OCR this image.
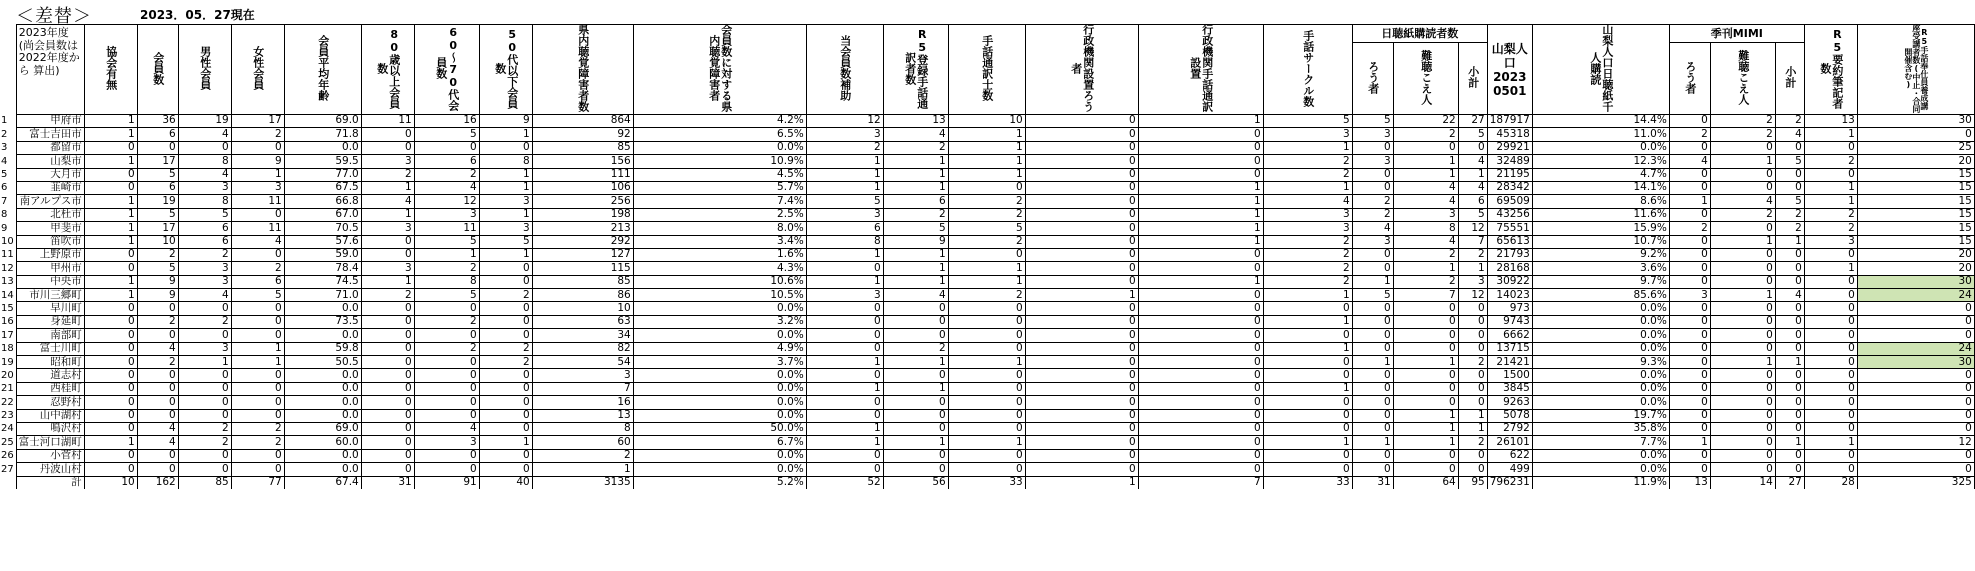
＜差替＞	2023．05．27現在
	2023年度 (尚会員数は 2022年度から 算出)	協会有無	会員数	男性会員	女性会員	会員平均年齢	80歳以上会員数	60～70代会員数	50代以下会員数	県内聴覚障害者数	会員数に対する県内聴覚障害者	当会員数補助	R5登録手話通訳者数	手話通訳士数	行政機関設置ろう者	行政機関手話通訳設置	手話サークル数	日聴紙購読者数			山梨人口 2023 0501	山梨人口日聴紙千人購読	季刊MIMI			R5要約筆記者数	R5手話奉仕員養成講座受講者数(中止・合同開催含む)
																		ろう者	難聴こえ人	小計			ろう者	難聴こえ人	小計		
1	甲府市	1	36	19	17	69.0	11	16	9	864	4.2%	12	13	10	0	1	5	5	22	27	187917	14.4%	0	2	2	13	30
2	富士吉田市	1	6	4	2	71.8	0	5	1	92	6.5%	3	4	1	0	0	3	3	2	5	45318	11.0%	2	2	4	1	0
3	都留市	0	0	0	0	0.0	0	0	0	85	0.0%	2	2	1	0	0	1	0	0	0	29921	0.0%	0	0	0	0	25
4	山梨市	1	17	8	9	59.5	3	6	8	156	10.9%	1	1	1	0	0	2	3	1	4	32489	12.3%	4	1	5	2	20
5	大月市	0	5	4	1	77.0	2	2	1	111	4.5%	1	1	1	0	0	2	0	1	1	21195	4.7%	0	0	0	0	15
6	韮崎市	0	6	3	3	67.5	1	4	1	106	5.7%	1	1	0	0	1	1	0	4	4	28342	14.1%	0	0	0	1	15
7	南アルプス市	1	19	8	11	66.8	4	12	3	256	7.4%	5	6	2	0	1	4	2	4	6	69509	8.6%	1	4	5	1	15
8	北杜市	1	5	5	0	67.0	1	3	1	198	2.5%	3	2	2	0	1	3	2	3	5	43256	11.6%	0	2	2	2	15
9	甲斐市	1	17	6	11	70.5	3	11	3	213	8.0%	6	5	5	0	1	3	4	8	12	75551	15.9%	2	0	2	2	15
10	笛吹市	1	10	6	4	57.6	0	5	5	292	3.4%	8	9	2	0	1	2	3	4	7	65613	10.7%	0	1	1	3	15
11	上野原市	0	2	2	0	59.0	0	1	1	127	1.6%	1	1	0	0	0	2	0	2	2	21793	9.2%	0	0	0	0	20
12	甲州市	0	5	3	2	78.4	3	2	0	115	4.3%	0	1	1	0	0	2	0	1	1	28168	3.6%	0	0	0	1	20
13	中央市	1	9	3	6	74.5	1	8	0	85	10.6%	1	1	1	0	1	2	1	2	3	30922	9.7%	0	0	0	0	30
14	市川三郷町	1	9	4	5	71.0	2	5	2	86	10.5%	3	4	2	1	0	1	5	7	12	14023	85.6%	3	1	4	0	24
15	早川町	0	0	0	0	0.0	0	0	0	10	0.0%	0	0	0	0	0	0	0	0	0	973	0.0%	0	0	0	0	0
16	身延町	0	2	2	0	73.5	0	2	0	63	3.2%	0	0	0	0	0	1	0	0	0	9743	0.0%	0	0	0	0	0
17	南部町	0	0	0	0	0.0	0	0	0	34	0.0%	0	0	0	0	0	0	0	0	0	6662	0.0%	0	0	0	0	0
18	富士川町	0	4	3	1	59.8	0	2	2	82	4.9%	0	2	0	0	0	1	0	0	0	13715	0.0%	0	0	0	0	24
19	昭和町	0	2	1	1	50.5	0	0	2	54	3.7%	1	1	1	0	0	0	1	1	2	21421	9.3%	0	1	1	0	30
20	道志村	0	0	0	0	0.0	0	0	0	3	0.0%	0	0	0	0	0	0	0	0	0	1500	0.0%	0	0	0	0	0
21	西桂町	0	0	0	0	0.0	0	0	0	7	0.0%	1	1	0	0	0	1	0	0	0	3845	0.0%	0	0	0	0	0
22	忍野村	0	0	0	0	0.0	0	0	0	16	0.0%	0	0	0	0	0	0	0	0	0	9263	0.0%	0	0	0	0	0
23	山中湖村	0	0	0	0	0.0	0	0	0	13	0.0%	0	0	0	0	0	0	0	1	1	5078	19.7%	0	0	0	0	0
24	鳴沢村	0	4	2	2	69.0	0	4	0	8	50.0%	1	0	0	0	0	0	0	1	1	2792	35.8%	0	0	0	0	0
25	富士河口湖町	1	4	2	2	60.0	0	3	1	60	6.7%	1	1	1	0	0	1	1	1	2	26101	7.7%	1	0	1	1	12
26	小菅村	0	0	0	0	0.0	0	0	0	2	0.0%	0	0	0	0	0	0	0	0	0	622	0.0%	0	0	0	0	0
27	丹波山村	0	0	0	0	0.0	0	0	0	1	0.0%	0	0	0	0	0	0	0	0	0	499	0.0%	0	0	0	0	0
	計	10	162	85	77	67.4	31	91	40	3135	5.2%	52	56	33	1	7	33	31	64	95	796231	11.9%	13	14	27	28	325
